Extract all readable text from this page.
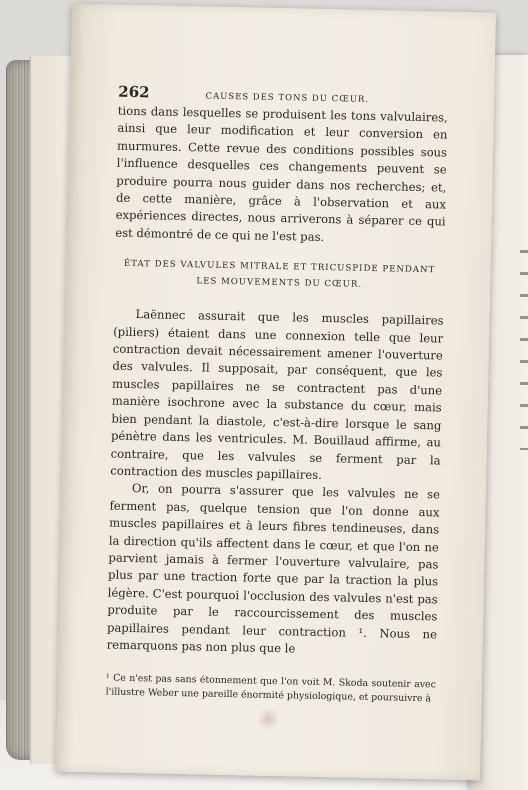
262	CAUSES DES TONS DU CŒUR.

tions dans lesquelles se produisent les tons valvulaires, ainsi que leur modification et leur conversion en murmures. Cette revue des conditions possibles sous l'influence desquelles ces changements peuvent se produire pourra nous guider dans nos recherches; et, de cette manière, grâce à l'observation et aux expériences directes, nous arriverons à séparer ce qui est démontré de ce qui ne l'est pas.

ÉTAT DES VALVULES MITRALE ET TRICUSPIDE PENDANT
LES MOUVEMENTS DU CŒUR.

Laënnec assurait que les muscles papillaires (piliers) étaient dans une connexion telle que leur contraction devait nécessairement amener l'ouverture des valvules. Il supposait, par conséquent, que les muscles papillaires ne se contractent pas d'une manière isochrone avec la substance du cœur, mais bien pendant la diastole, c'est-à-dire lorsque le sang pénètre dans les ventricules. M. Bouillaud affirme, au contraire, que les valvules se ferment par la contraction des muscles papillaires.

Or, on pourra s'assurer que les valvules ne se ferment pas, quelque tension que l'on donne aux muscles papillaires et à leurs fibres tendineuses, dans la direction qu'ils affectent dans le cœur, et que l'on ne parvient jamais à fermer l'ouverture valvulaire, pas plus par une traction forte que par la traction la plus légère. C'est pourquoi l'occlusion des valvules n'est pas produite par le raccourcissement des muscles papillaires pendant leur contraction ¹. Nous ne remarquons pas non plus que le

¹ Ce n'est pas sans étonnement que l'on voit M. Skoda soutenir avec l'illustre Weber une pareille énormité physiologique, et poursuivre à
